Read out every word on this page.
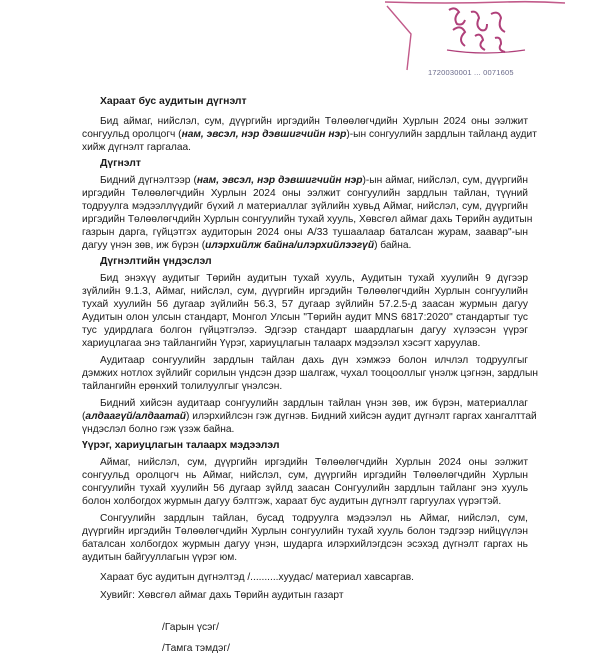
1720030001 ... 0071605
Хараат бус аудитын дүгнэлт
Бид аймаг, нийслэл, сум, дүүргийн иргэдийн Төлөөлөгчдийн Хурлын 2024 оны ээлжит
сонгуульд оролцогч (нам, эвсэл, нэр дэвшигчийн нэр)-ын сонгуулийн зардлын тайланд аудит
хийж дүгнэлт гаргалаа.
Дүгнэлт
Бидний дүгнэлтээр (нам, эвсэл, нэр дэвшигчийн нэр)-ын аймаг, нийслэл, сум, дүүргийн
иргэдийн Төлөөлөгчдийн Хурлын 2024 оны ээлжит сонгуулийн зардлын тайлан, түүний
тодруулга мэдээллүүдийг бүхий л материаллаг зүйлийн хувьд Аймаг, нийслэл, сум, дүүргийн
иргэдийн Төлөөлөгчдийн Хурлын сонгуулийн тухай хууль, Хөвсгөл аймаг дахь Төрийн аудитын
газрын дарга, гүйцэтгэх аудиторын 2024 оны А/33 тушаалаар баталсан журам, заавар"-ын
дагуу үнэн зөв, иж бүрэн (илэрхийлж байна/илэрхийлээгүй) байна.
Дүгнэлтийн үндэслэл
Бид энэхүү аудитыг Төрийн аудитын тухай хууль, Аудитын тухай хуулийн 9 дүгээр
зүйлийн 9.1.3, Аймаг, нийслэл, сум, дүүргийн иргэдийн Төлөөлөгчдийн Хурлын сонгуулийн
тухай хуулийн 56 дугаар зүйлийн 56.3, 57 дугаар зүйлийн 57.2.5-д заасан журмын дагуу
Аудитын олон улсын стандарт, Монгол Улсын "Төрийн аудит MNS 6817:2020" стандартыг тус
тус удирдлага болгон гүйцэтгэлээ. Эдгээр стандарт шаардлагын дагуу хүлээсэн үүрэг
хариуцлагаа энэ тайлангийн Үүрэг, хариуцлагын талаарх мэдээлэл хэсэгт харуулав.
Аудитаар сонгуулийн зардлын тайлан дахь дүн хэмжээ болон илчлэл тодруулгыг
дэмжих нотлох зүйлийг сорилын үндсэн дээр шалгаж, чухал тооцооллыг үнэлж цэгнэн, зардлын
тайлангийн ерөнхий толилуулгыг үнэлсэн.
Бидний хийсэн аудитаар сонгуулийн зардлын тайлан үнэн зөв, иж бүрэн, материаллаг
(алдаагүй/алдаатай) илэрхийлсэн гэж дүгнэв. Бидний хийсэн аудит дүгнэлт гаргах хангалттай
үндэслэл болно гэж үзэж байна.
Үүрэг, хариуцлагын талаарх мэдээлэл
Аймаг, нийслэл, сум, дүүргийн иргэдийн Төлөөлөгчдийн Хурлын 2024 оны ээлжит
сонгуульд оролцогч нь Аймаг, нийслэл, сум, дүүргийн иргэдийн Төлөөлөгчдийн Хурлын
сонгуулийн тухай хуулийн 56 дугаар зүйлд заасан Сонгуулийн зардлын тайланг энэ хууль
болон холбогдох журмын дагуу бэлтгэж, хараат бус аудитын дүгнэлт гаргуулах үүрэгтэй.
Сонгуулийн зардлын тайлан, бусад тодруулга мэдээлэл нь Аймаг, нийслэл, сум,
дүүргийн иргэдийн Төлөөлөгчдийн Хурлын сонгуулийн тухай хууль болон тэдгээр нийцүүлэн
баталсан холбогдох журмын дагуу үнэн, шударга илэрхийлэгдсэн эсэхэд дүгнэлт гаргах нь
аудитын байгууллагын үүрэг юм.
Хараат бус аудитын дүгнэлтэд /..........хуудас/ материал хавсаргав.
Хувийг: Хөвсгөл аймаг дахь Төрийн аудитын газарт
/Гарын үсэг/
/Тамга тэмдэг/
